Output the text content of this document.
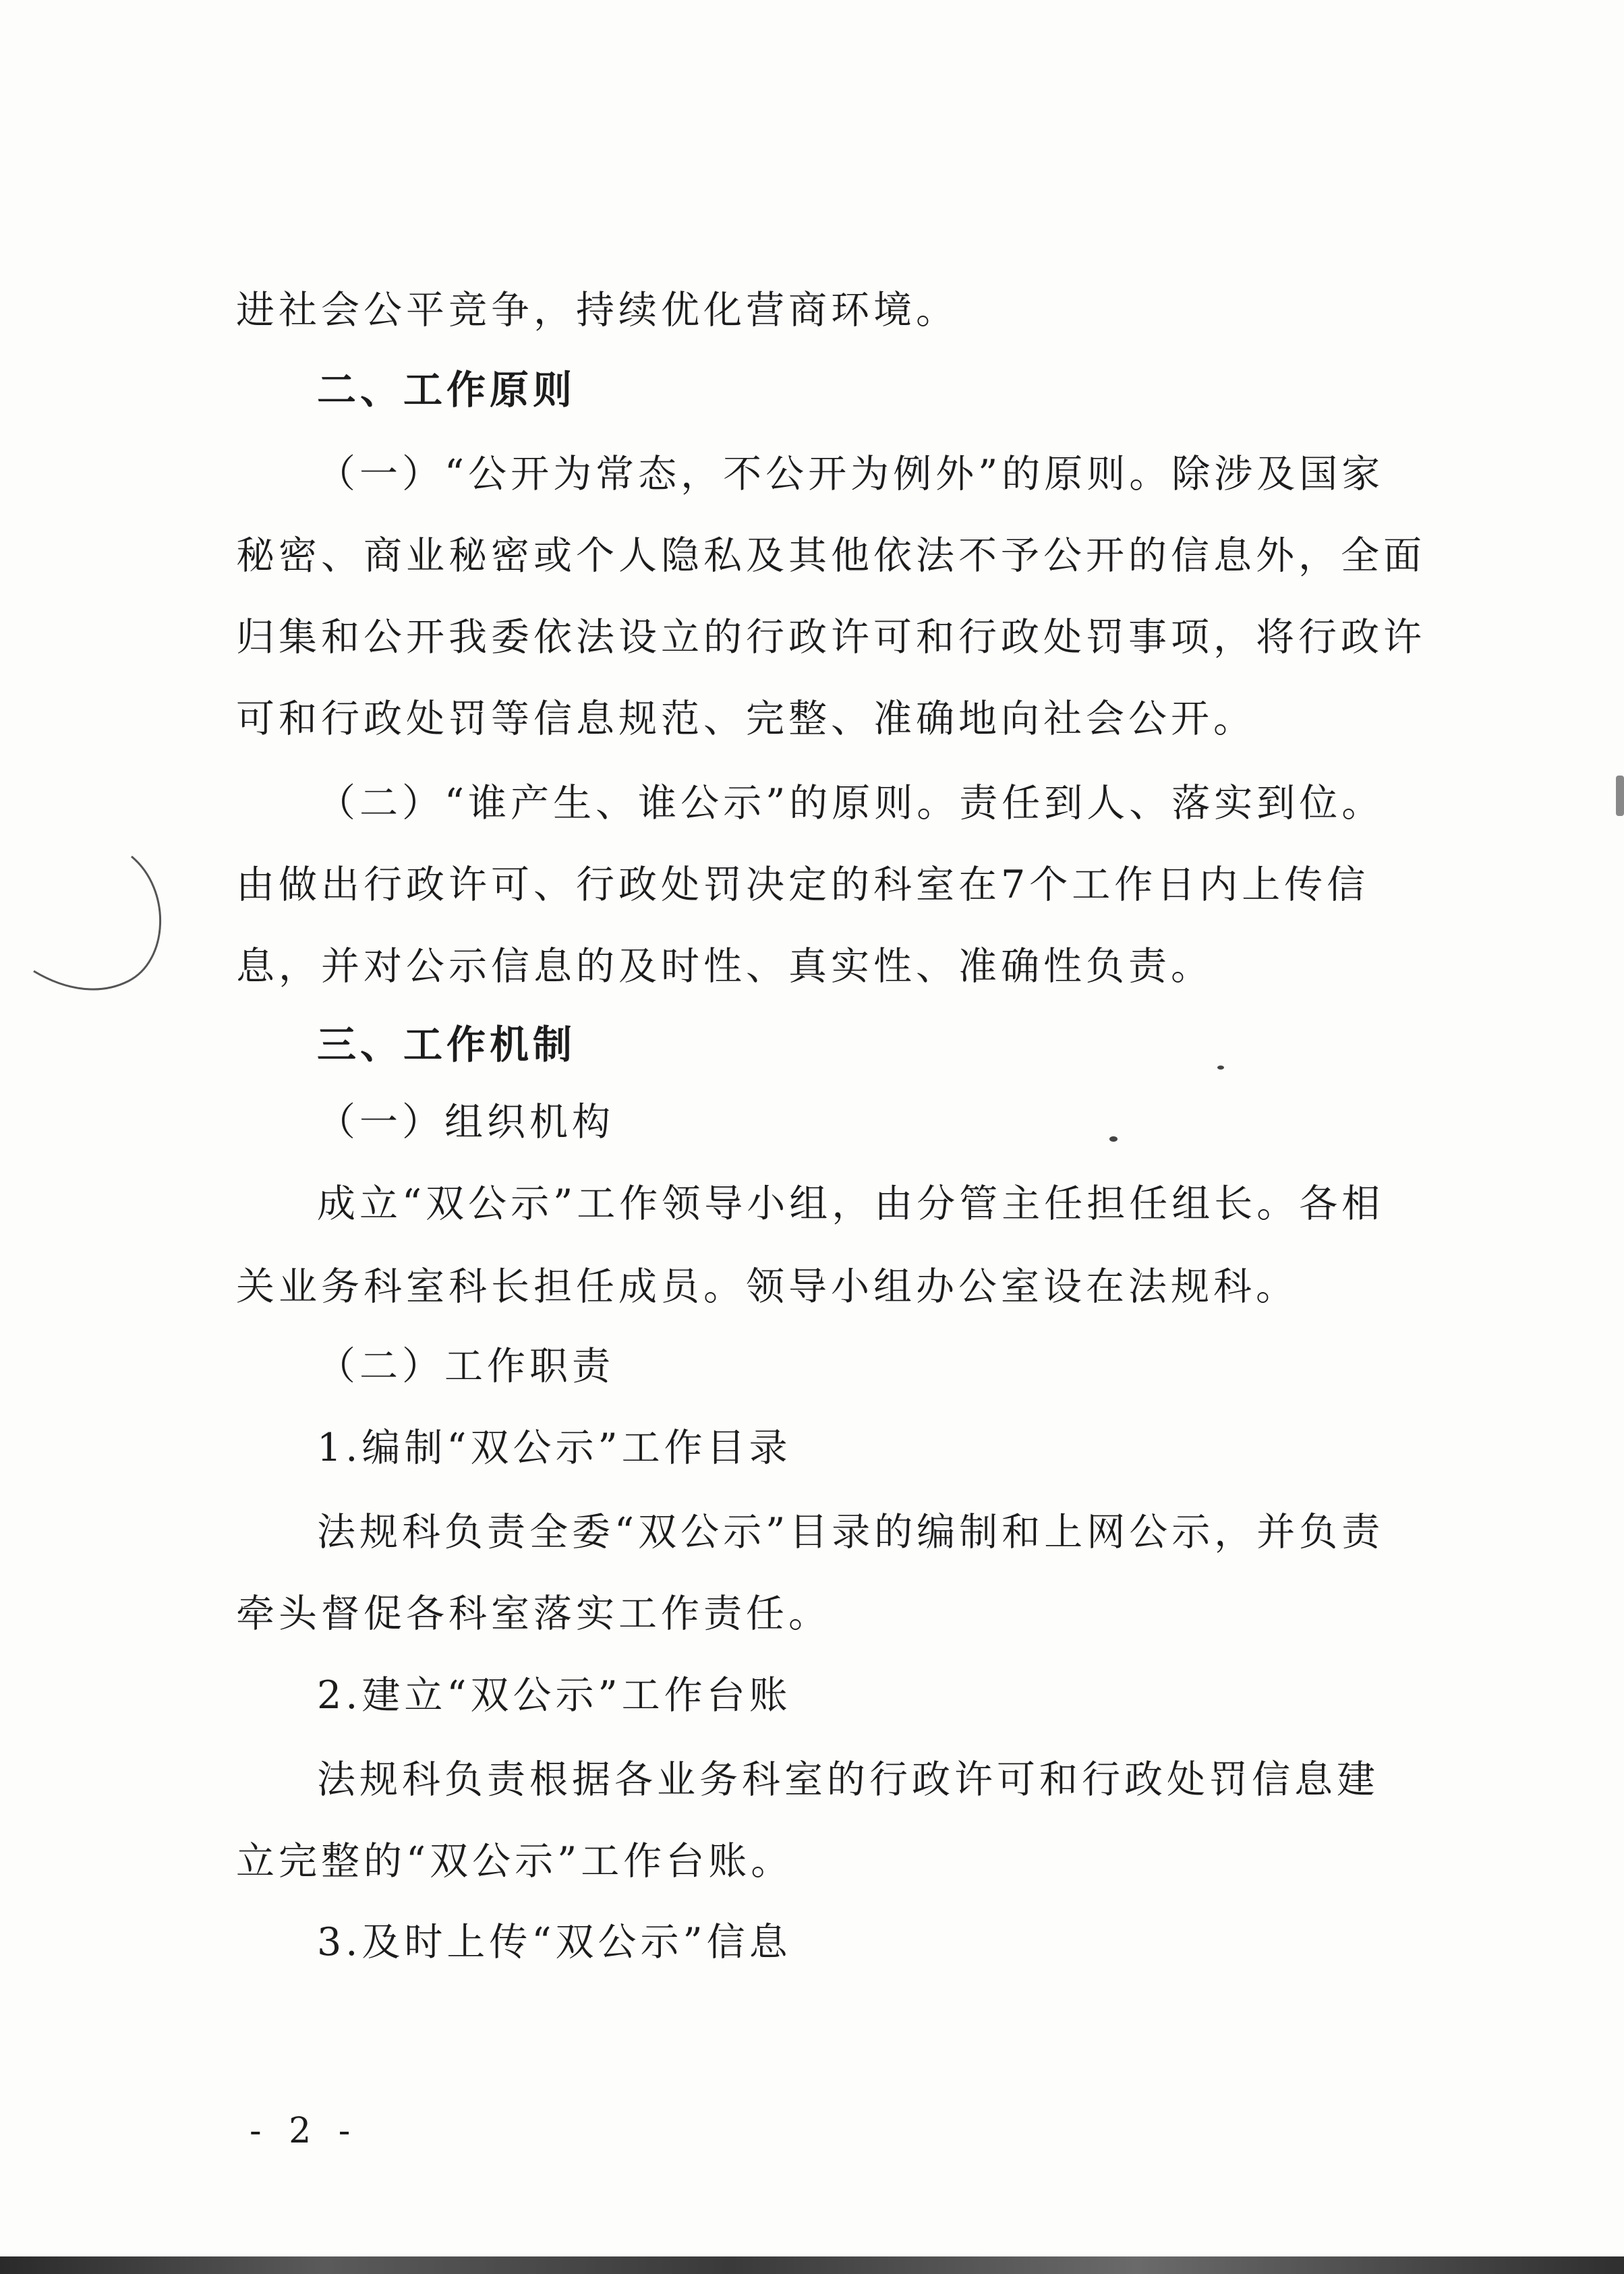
进社会公平竞争，持续优化营商环境。
二、工作原则
（一）“公开为常态，不公开为例外”的原则。除涉及国家
秘密、商业秘密或个人隐私及其他依法不予公开的信息外，全面
归集和公开我委依法设立的行政许可和行政处罚事项，将行政许
可和行政处罚等信息规范、完整、准确地向社会公开。
（二）“谁产生、谁公示”的原则。责任到人、落实到位。
由做出行政许可、行政处罚决定的科室在7个工作日内上传信
息，并对公示信息的及时性、真实性、准确性负责。
三、工作机制
（一）组织机构
成立“双公示”工作领导小组，由分管主任担任组长。各相
关业务科室科长担任成员。领导小组办公室设在法规科。
（二）工作职责
1.编制“双公示”工作目录
法规科负责全委“双公示”目录的编制和上网公示，并负责
牵头督促各科室落实工作责任。
2.建立“双公示”工作台账
法规科负责根据各业务科室的行政许可和行政处罚信息建
立完整的“双公示”工作台账。
3.及时上传“双公示”信息
- 2 -
